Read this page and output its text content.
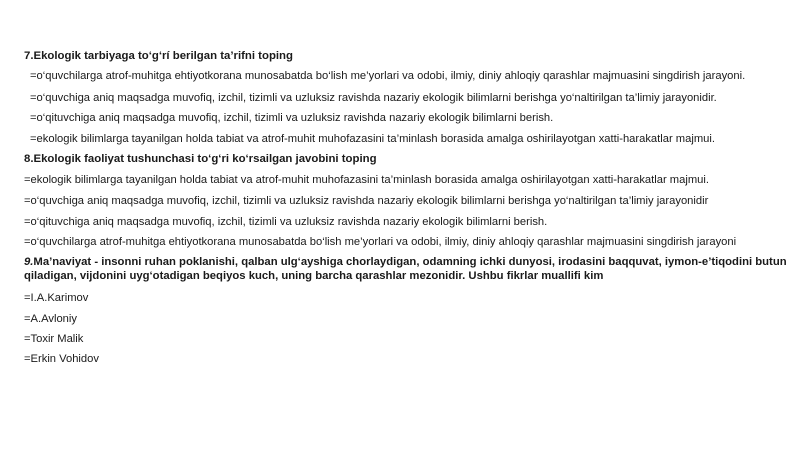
7.Ekologik tarbiyaga to‘g‘rí berilgan ta’rifni toping
=o‘quvchilarga atrof-muhitga ehtiyotkorana munosabatda bo‘lish me’yorlari va odobi, ilmiy, diniy ahloqiy qarashlar majmuasini singdirish jarayoni.
=o‘quvchiga aniq maqsadga muvofiq, izchil, tizimli va uzluksiz ravishda nazariy ekologik bilimlarni berishga yo‘naltirilgan ta’limiy jarayonidir.
=o‘qituvchiga aniq maqsadga muvofiq, izchil, tizimli va uzluksiz ravishda nazariy ekologik bilimlarni berish.
=ekologik bilimlarga tayanilgan holda tabiat va atrof-muhit muhofazasini ta’minlash borasida amalga oshirilayotgan xatti-harakatlar majmui.
8.Ekologik faoliyat tushunchasi to‘g‘ri ko‘rsailgan javobini toping
=ekologik bilimlarga tayanilgan holda tabiat va atrof-muhit muhofazasini ta’minlash borasida amalga oshirilayotgan xatti-harakatlar majmui.
=o‘quvchiga aniq maqsadga muvofiq, izchil, tizimli va uzluksiz ravishda nazariy ekologik bilimlarni berishga yo‘naltirilgan ta’limiy jarayonidir
=o‘qituvchiga aniq maqsadga muvofiq, izchil, tizimli va uzluksiz ravishda nazariy ekologik bilimlarni berish.
=o‘quvchilarga atrof-muhitga ehtiyotkorana munosabatda bo‘lish me’yorlari va odobi, ilmiy, diniy ahloqiy qarashlar majmuasini singdirish jarayoni
9.Ma’naviyat - insonni ruhan poklanishi, qalban ulg‘ayshiga chorlaydigan, odamning ichki dunyosi, irodasini baqquvat, iymon-e’tiqodini butun qiladigan, vijdonini uyg‘otadigan beqiyos kuch, uning barcha qarashlar mezonidir. Ushbu fikrlar muallifi kim
=I.A.Karimov
=A.Avloniy
=Toxir Malik
=Erkin Vohidov
